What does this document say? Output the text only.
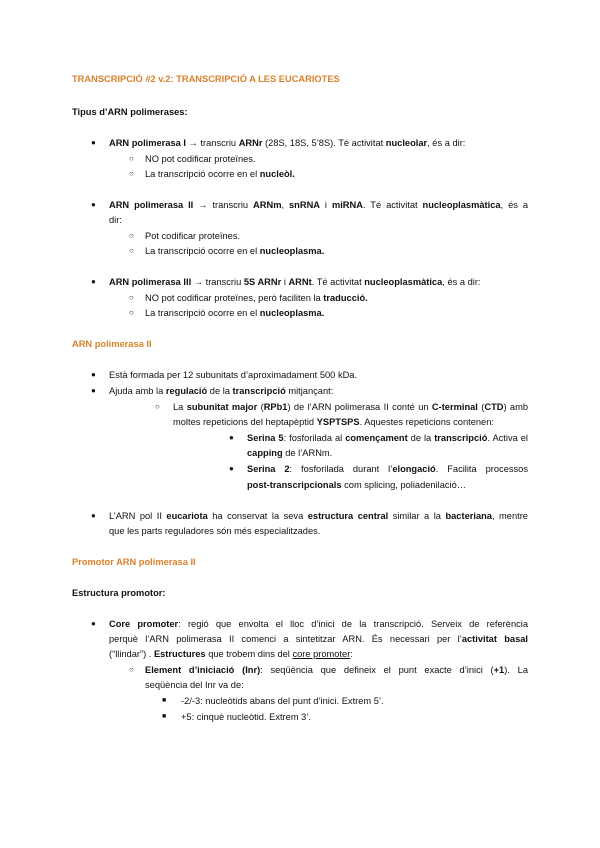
TRANSCRIPCIÓ #2 v.2: TRANSCRIPCIÓ A LES EUCARIOTES
Tipus d’ARN polimerases:
● ARN polimerasa I → transcriu ARNr (28S, 18S, 5’8S). Té activitat nucleolar, és a dir:
○ NO pot codificar proteïnes.
○ La transcripció ocorre en el nucleòl.
● ARN polimerasa II → transcriu ARNm, snRNA i miRNA. Té activitat nucleoplasmàtica, és a
dir:
○ Pot codificar proteïnes.
○ La transcripció ocorre en el nucleoplasma.
● ARN polimerasa III → transcriu 5S ARNr i ARNt. Té activitat nucleoplasmàtica, és a dir:
○ NO pot codificar proteïnes, però faciliten la traducció.
○ La transcripció ocorre en el nucleoplasma.
ARN polimerasa II
● Està formada per 12 subunitats d’aproximadament 500 kDa.
● Ajuda amb la regulació de la transcripció mitjançant:
○ La subunitat major (RPb1) de l’ARN polimerasa II conté un C-terminal (CTD) amb
moltes repeticions del heptapèptid YSPTSPS. Aquestes repeticions contenen:
● Serina 5: fosforilada al començament de la transcripció. Activa el
capping de l’ARNm.
● Serina 2: fosforilada durant l’elongació. Facilita processos
post-transcripcionals com splicing, poliadenilació…
● L’ARN pol II eucariota ha conservat la seva estructura central similar a la bacteriana, mentre
que les parts reguladores són més especialitzades.
Promotor ARN polimerasa II
Estructura promotor:
● Core promoter: regió que envolta el lloc d’inici de la transcripció. Serveix de referència
perquè l’ARN polimerasa II comenci a sintetitzar ARN. És necessari per l’activitat basal
(“llindar”) . Estructures que trobem dins del core promoter:
○ Element d’iniciació (Inr): seqüència que defineix el punt exacte d’inici (+1). La
seqüència del Inr va de:
■ -2/-3: nucleòtids abans del punt d’inici. Extrem 5’.
■ +5: cinquè nucleòtid. Extrem 3’.
